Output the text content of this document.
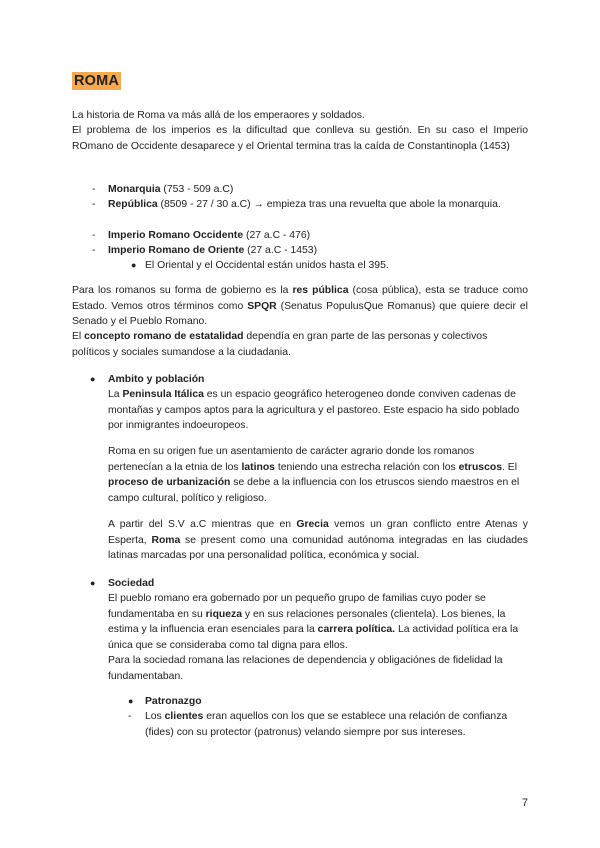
ROMA
La historia de Roma va más allá de los emperaores y soldados.
El problema de los imperios es la dificultad que conlleva su gestión. En su caso el Imperio ROmano de Occidente desaparece y el Oriental termina tras la caída de Constantinopla (1453)
- Monarquia (753 - 509 a.C)
- República (8509 - 27 / 30 a.C) → empieza tras una revuelta que abole la monarquia.
- Imperio Romano Occidente (27 a.C - 476)
- Imperio Romano de Oriente (27 a.C - 1453)
● El Oriental y el Occidental están unidos hasta el 395.
Para los romanos su forma de gobierno es la res pública (cosa pública), esta se traduce como Estado. Vemos otros términos como SPQR (Senatus PopulusQue Romanus) que quiere decir el Senado y el Pueblo Romano.
El concepto romano de estatalidad dependía en gran parte de las personas y colectivos políticos y sociales sumandose a la ciudadania.
● Ambito y población
La Peninsula Itálica es un espacio geográfico heterogeneo donde conviven cadenas de montañas y campos aptos para la agricultura y el pastoreo. Este espacio ha sido poblado por inmigrantes indoeuropeos.
Roma en su origen fue un asentamiento de carácter agrario donde los romanos pertenecían a la etnia de los latinos teniendo una estrecha relación con los etruscos. El proceso de urbanización se debe a la influencia con los etruscos siendo maestros en el campo cultural, político y religioso.
A partir del S.V a.C mientras que en Grecia vemos un gran conflicto entre Atenas y Esperta, Roma se present como una comunidad autónoma integradas en las ciudades latinas marcadas por una personalidad política, económica y social.
● Sociedad
El pueblo romano era gobernado por un pequeño grupo de familias cuyo poder se fundamentaba en su riqueza y en sus relaciones personales (clientela). Los bienes, la estima y la influencia eran esenciales para la carrera política. La actividad política era la única que se consideraba como tal digna para ellos.
Para la sociedad romana las relaciones de dependencia y obligaciónes de fidelidad la fundamentaban.
● Patronazgo
- Los clientes eran aquellos con los que se establece una relación de confianza (fides) con su protector (patronus) velando siempre por sus intereses.
7
